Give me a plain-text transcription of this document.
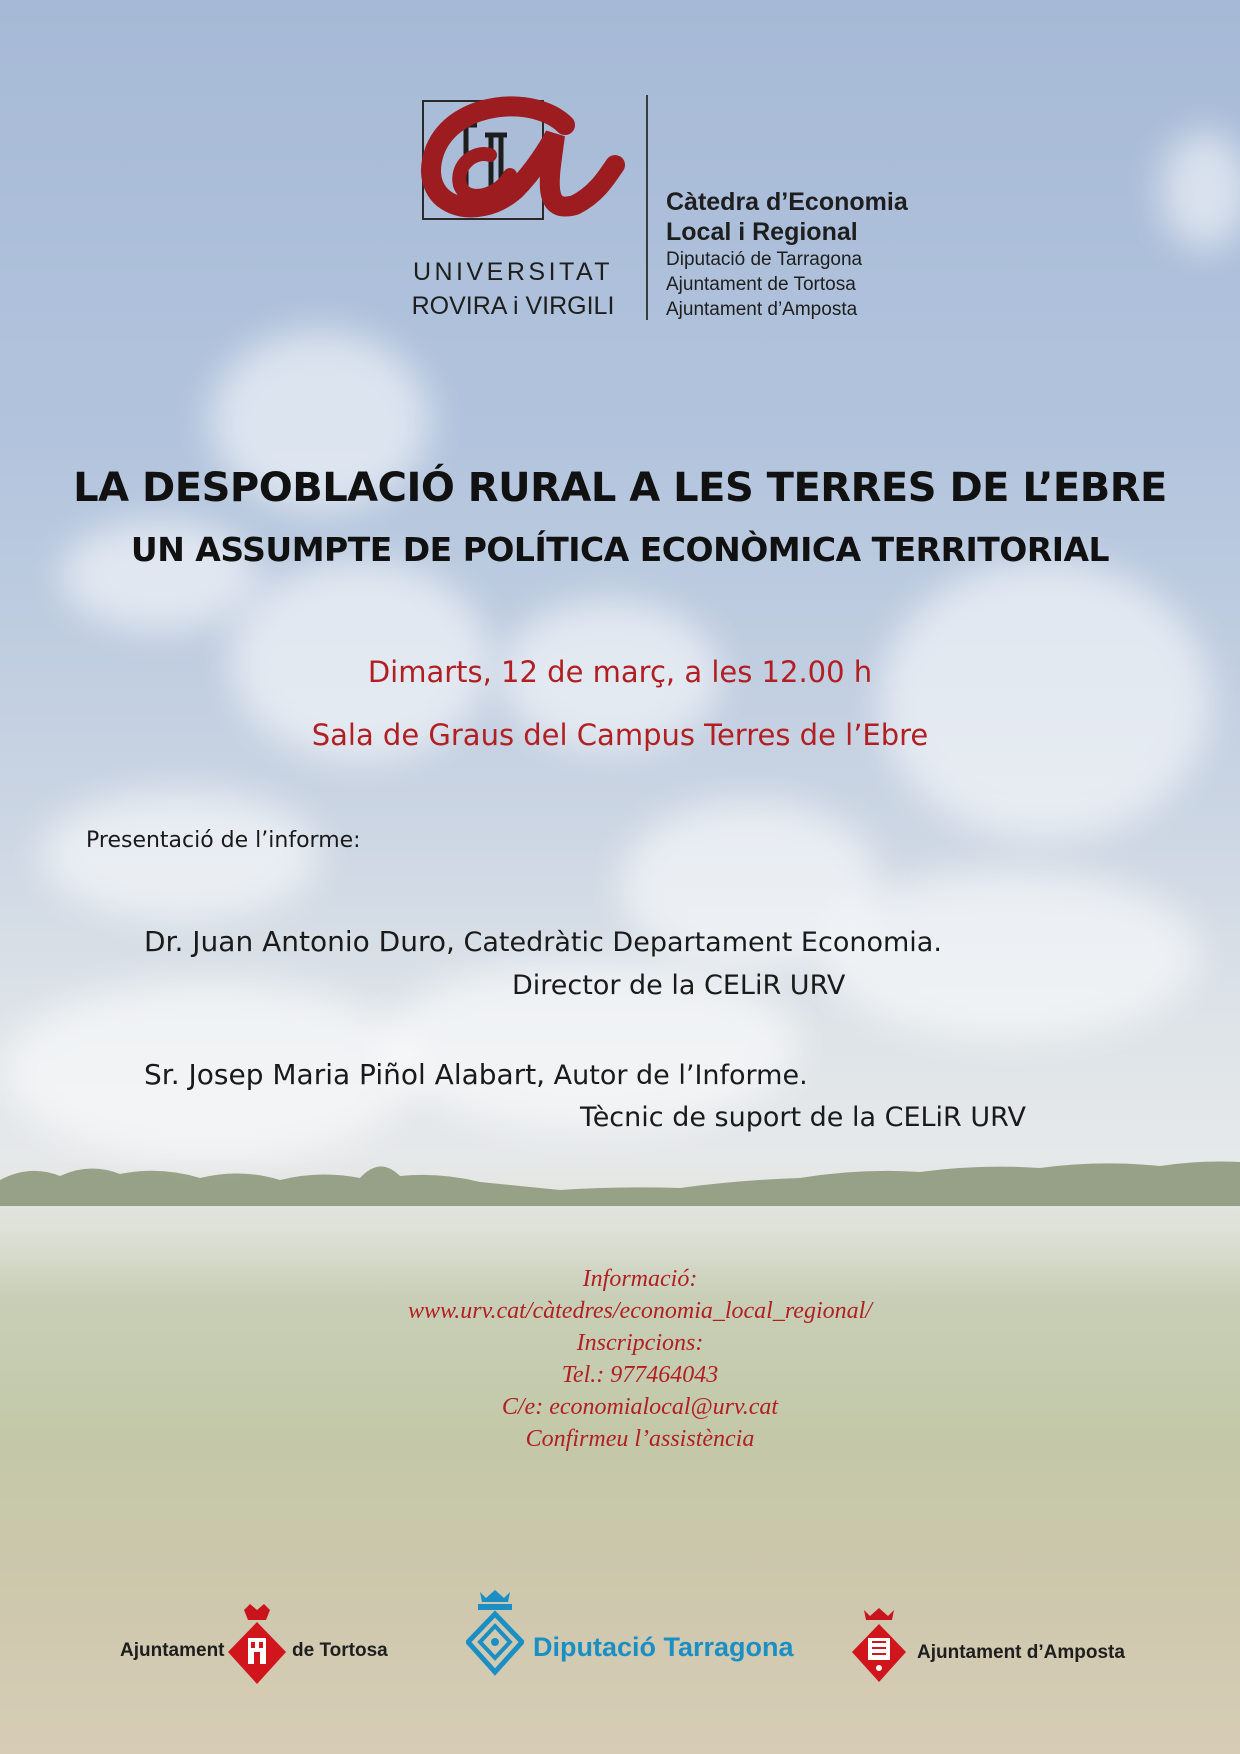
UNIVERSITAT
ROVIRA i VIRGILI
Càtedra d’Economia
Local i Regional
Diputació de Tarragona
Ajuntament de Tortosa
Ajuntament d’Amposta
LA DESPOBLACIÓ RURAL A LES TERRES DE L’EBRE
UN ASSUMPTE DE POLÍTICA ECONÒMICA TERRITORIAL
Dimarts, 12 de març, a les 12.00 h
Sala de Graus del Campus Terres de l’Ebre
Presentació de l’informe:
Dr. Juan Antonio Duro, Catedràtic Departament Economia.
Director de la CELiR URV
Sr. Josep Maria Piñol Alabart, Autor de l’Informe.
Tècnic de suport de la CELiR URV
Informació:
www.urv.cat/càtedres/economia_local_regional/
Inscripcions:
Tel.: 977464043
C/e: economialocal@urv.cat
Confirmeu l’assistència
Ajuntament	de Tortosa	Diputació Tarragona	Ajuntament d’Amposta
